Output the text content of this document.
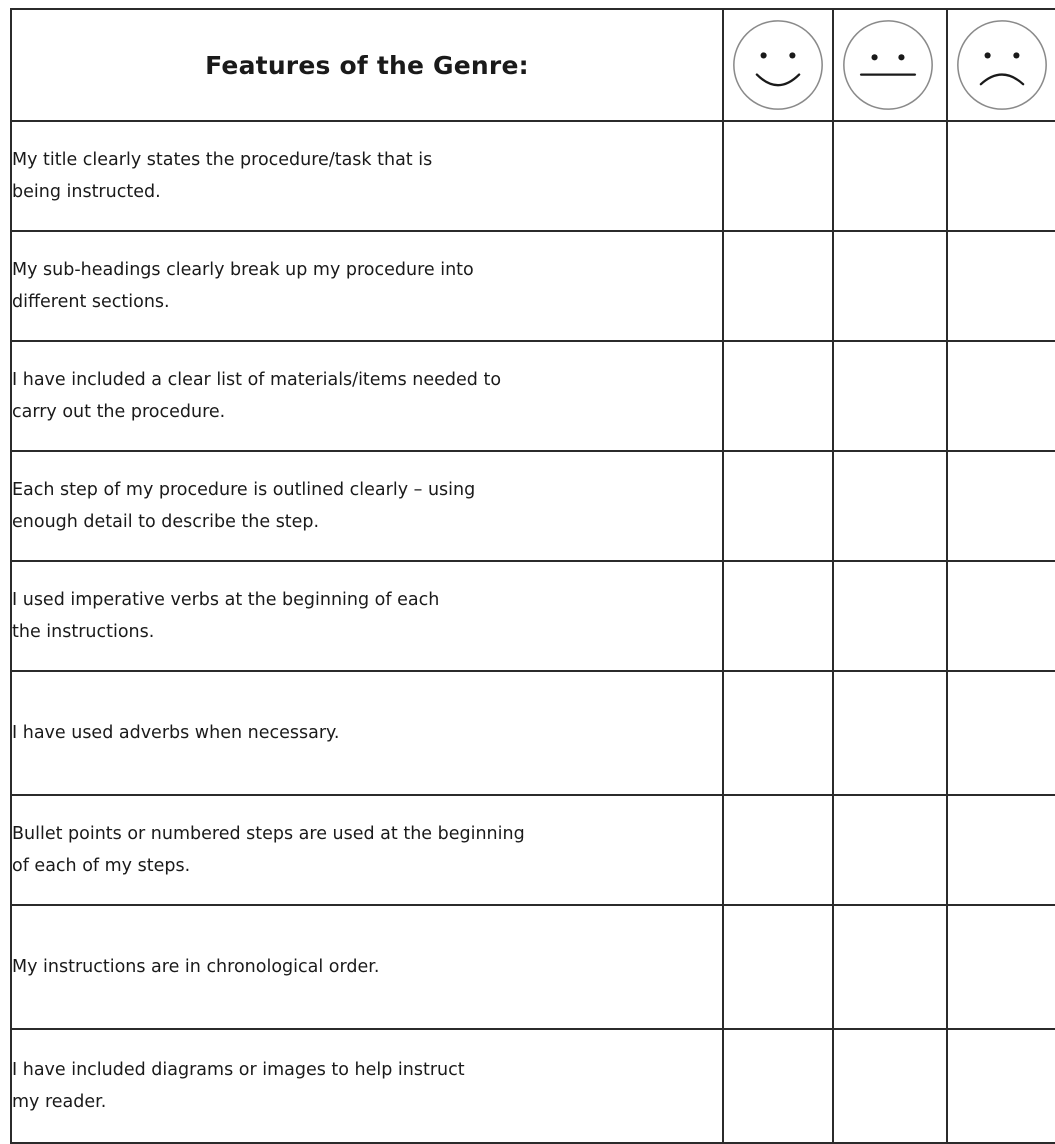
Features of the Genre:	

My title clearly states the procedure/task that is
being instructed.			

My sub-headings clearly break up my procedure into
different sections.			

I have included a clear list of materials/items needed to
carry out the procedure.			

Each step of my procedure is outlined clearly – using
enough detail to describe the step.			

I used imperative verbs at the beginning of each
the instructions.			

I have used adverbs when necessary.			

Bullet points or numbered steps are used at the beginning
of each of my steps.			

My instructions are in chronological order.			

I have included diagrams or images to help instruct
my reader.			
